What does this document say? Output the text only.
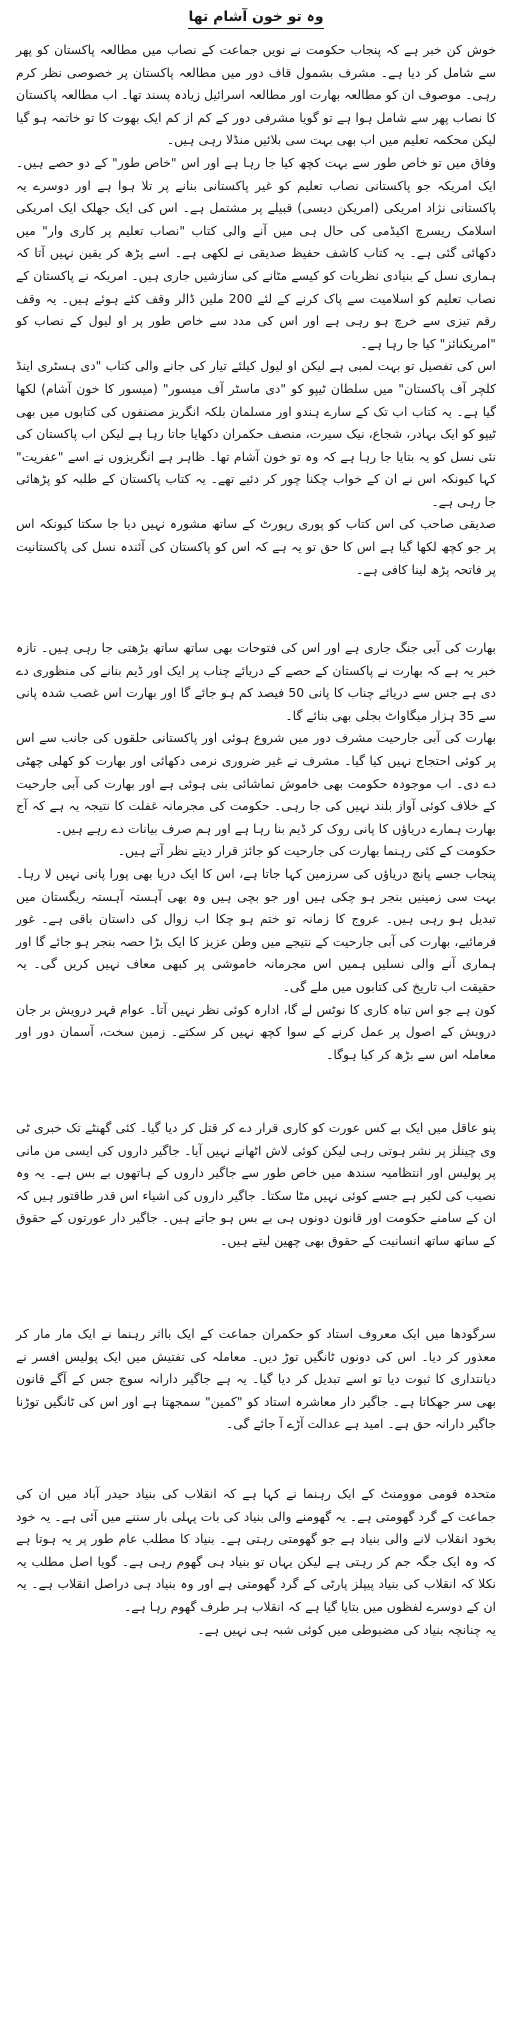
وہ تو خون آشام تھا

خوش کن خبر ہے کہ پنجاب حکومت نے نویں جماعت کے نصاب میں مطالعہ پاکستان کو پھر سے شامل کر دیا ہے۔ مشرف بشمول قاف دور میں مطالعہ پاکستان پر خصوصی نظر کرم رہی۔ موصوف ان کو مطالعہ بھارت اور مطالعہ اسرائیل زیادہ پسند تھا۔ اب مطالعہ پاکستان کا نصاب پھر سے شامل ہوا ہے تو گویا مشرفی دور کے کم از کم ایک بھوت کا تو خاتمہ ہو گیا لیکن محکمہ تعلیم میں اب بھی بہت سی بلائیں منڈلا رہی ہیں۔

وفاق میں تو خاص طور سے بہت کچھ کیا جا رہا ہے اور اس "خاص طور" کے دو حصے ہیں۔ ایک امریکہ جو پاکستانی نصاب تعلیم کو غیر پاکستانی بنانے پر تلا ہوا ہے اور دوسرے یہ پاکستانی نژاد امریکی (امریکن دیسی) قبیلے پر مشتمل ہے۔ اس کی ایک جھلک ایک امریکی اسلامک ریسرچ اکیڈمی کی حال ہی میں آنے والی کتاب "نصاب تعلیم پر کاری وار" میں دکھائی گئی ہے۔ یہ کتاب کاشف حفیظ صدیقی نے لکھی ہے۔ اسے پڑھ کر یقین نہیں آتا کہ ہماری نسل کے بنیادی نظریات کو کیسے مٹانے کی سازشیں جاری ہیں۔ امریکہ نے پاکستان کے نصاب تعلیم کو اسلامیت سے پاک کرنے کے لئے 200 ملین ڈالر وقف کئے ہوئے ہیں۔ یہ وقف رقم تیزی سے خرچ ہو رہی ہے اور اس کی مدد سے خاص طور پر او لیول کے نصاب کو "امریکنائز" کیا جا رہا ہے۔

اس کی تفصیل تو بہت لمبی ہے لیکن او لیول کیلئے تیار کی جانے والی کتاب "دی ہسٹری اینڈ کلچر آف پاکستان" میں سلطان ٹیپو کو "دی ماسٹر آف میسور" (میسور کا خون آشام) لکھا گیا ہے۔ یہ کتاب اب تک کے سارے ہندو اور مسلمان بلکہ انگریز مصنفوں کی کتابوں میں بھی ٹیپو کو ایک بہادر، شجاع، نیک سیرت، منصف حکمران دکھایا جاتا رہا ہے لیکن اب پاکستان کی نئی نسل کو یہ بتایا جا رہا ہے کہ وہ تو خون آشام تھا۔ ظاہر ہے انگریزوں نے اسے "عفریت" کہا کیونکہ اس نے ان کے خواب چکنا چور کر دئیے تھے۔ یہ کتاب پاکستان کے طلبہ کو پڑھائی جا رہی ہے۔

صدیقی صاحب کی اس کتاب کو پوری رپورٹ کے ساتھ مشورہ نہیں دیا جا سکتا کیونکہ اس پر جو کچھ لکھا گیا ہے اس کا حق تو یہ ہے کہ اس کو پاکستان کی آئندہ نسل کی پاکستانیت پر فاتحہ پڑھ لینا کافی ہے۔

بھارت کی آبی جنگ جاری ہے اور اس کی فتوحات بھی ساتھ ساتھ بڑھتی جا رہی ہیں۔ تازہ خبر یہ ہے کہ بھارت نے پاکستان کے حصے کے دریائے چناب پر ایک اور ڈیم بنانے کی منظوری دے دی ہے جس سے دریائے چناب کا پانی 50 فیصد کم ہو جائے گا اور بھارت اس غصب شدہ پانی سے 35 ہزار میگاواٹ بجلی بھی بنائے گا۔

بھارت کی آبی جارحیت مشرف دور میں شروع ہوئی اور پاکستانی حلقوں کی جانب سے اس پر کوئی احتجاج نہیں کیا گیا۔ مشرف نے غیر ضروری نرمی دکھائی اور بھارت کو کھلی چھٹی دے دی۔ اب موجودہ حکومت بھی خاموش تماشائی بنی ہوئی ہے اور بھارت کی آبی جارحیت کے خلاف کوئی آواز بلند نہیں کی جا رہی۔ حکومت کی مجرمانہ غفلت کا نتیجہ یہ ہے کہ آج بھارت ہمارے دریاؤں کا پانی روک کر ڈیم بنا رہا ہے اور ہم صرف بیانات دے رہے ہیں۔

حکومت کے کئی رہنما بھارت کی جارحیت کو جائز قرار دیتے نظر آتے ہیں۔

پنجاب جسے پانچ دریاؤں کی سرزمین کہا جاتا ہے، اس کا ایک دریا بھی پورا پانی نہیں لا رہا۔ بہت سی زمینیں بنجر ہو چکی ہیں اور جو بچی ہیں وہ بھی آہستہ آہستہ ریگستان میں تبدیل ہو رہی ہیں۔ عروج کا زمانہ تو ختم ہو چکا اب زوال کی داستان باقی ہے۔ غور فرمائیے، بھارت کی آبی جارحیت کے نتیجے میں وطن عزیز کا ایک بڑا حصہ بنجر ہو جائے گا اور ہماری آنے والی نسلیں ہمیں اس مجرمانہ خاموشی پر کبھی معاف نہیں کریں گی۔ یہ حقیقت اب تاریخ کی کتابوں میں ملے گی۔

کون ہے جو اس تباہ کاری کا نوٹس لے گا، ادارہ کوئی نظر نہیں آتا۔ عوام قہر درویش بر جان درویش کے اصول پر عمل کرنے کے سوا کچھ نہیں کر سکتے۔ زمین سخت، آسمان دور اور معاملہ اس سے بڑھ کر کیا ہوگا۔

پنو عاقل میں ایک بے کس عورت کو کاری قرار دے کر قتل کر دیا گیا۔ کئی گھنٹے تک خبری ٹی وی چینلز پر نشر ہوتی رہی لیکن کوئی لاش اٹھانے نہیں آیا۔ جاگیر داروں کی ایسی من مانی پر پولیس اور انتظامیہ سندھ میں خاص طور سے جاگیر داروں کے ہاتھوں بے بس ہے۔ یہ وہ نصیب کی لکیر ہے جسے کوئی نہیں مٹا سکتا۔ جاگیر داروں کی اشیاء اس قدر طاقتور ہیں کہ ان کے سامنے حکومت اور قانون دونوں ہی بے بس ہو جاتے ہیں۔ جاگیر دار عورتوں کے حقوق کے ساتھ ساتھ انسانیت کے حقوق بھی چھین لیتے ہیں۔

سرگودھا میں ایک معروف استاد کو حکمران جماعت کے ایک بااثر رہنما نے ایک مار مار کر معذور کر دیا۔ اس کی دونوں ٹانگیں توڑ دیں۔ معاملہ کی تفتیش میں ایک پولیس افسر نے دیانتداری کا ثبوت دیا تو اسے تبدیل کر دیا گیا۔ یہ ہے جاگیر دارانہ سوچ جس کے آگے قانون بھی سر جھکاتا ہے۔ جاگیر دار معاشرہ استاد کو "کمین" سمجھتا ہے اور اس کی ٹانگیں توڑنا جاگیر دارانہ حق ہے۔ امید ہے عدالت آڑے آ جائے گی۔

متحدہ قومی موومنٹ کے ایک رہنما نے کہا ہے کہ انقلاب کی بنیاد حیدر آباد میں ان کی جماعت کے گرد گھومتی ہے۔ یہ گھومنے والی بنیاد کی بات پہلی بار سننے میں آئی ہے۔ یہ خود بخود انقلاب لانے والی بنیاد ہے جو گھومتی رہتی ہے۔ بنیاد کا مطلب عام طور پر یہ ہوتا ہے کہ وہ ایک جگہ جم کر رہتی ہے لیکن یہاں تو بنیاد ہی گھوم رہی ہے۔ گویا اصل مطلب یہ نکلا کہ انقلاب کی بنیاد پیپلز پارٹی کے گرد گھومتی ہے اور وہ بنیاد ہی دراصل انقلاب ہے۔ یہ ان کے دوسرے لفظوں میں بتایا گیا ہے کہ انقلاب ہر طرف گھوم رہا ہے۔

یہ چنانچہ بنیاد کی مضبوطی میں کوئی شبہ ہی نہیں ہے۔
